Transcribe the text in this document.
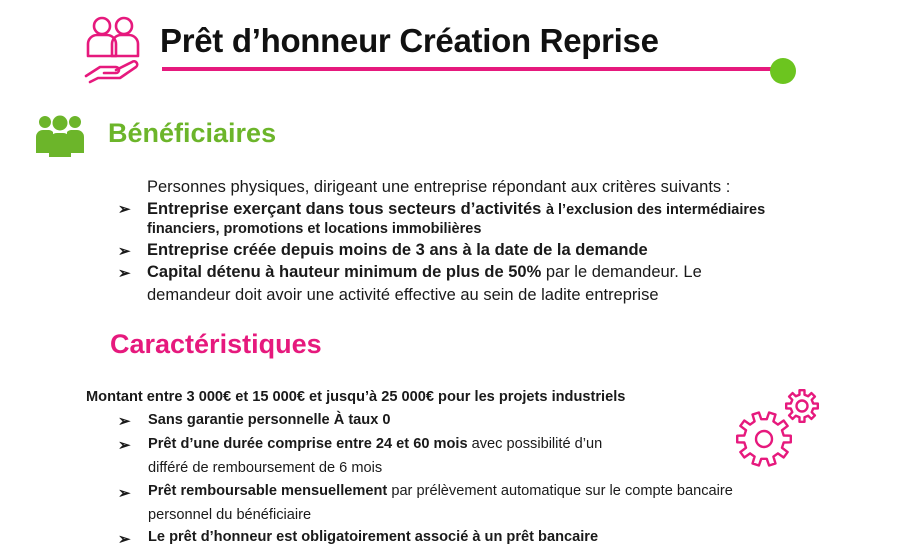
Prêt d’honneur Création Reprise
Bénéficiaires
Personnes physiques, dirigeant une entreprise répondant aux critères suivants :
➢ Entreprise exerçant dans tous secteurs d’activités à l’exclusion des intermédiaires
financiers, promotions et locations immobilières
➢ Entreprise créée depuis moins de 3 ans à la date de la demande
➢ Capital détenu à hauteur minimum de plus de 50% par le demandeur. Le
demandeur doit avoir une activité effective au sein de ladite entreprise
Caractéristiques
Montant entre 3 000€ et 15 000€ et jusqu’à 25 000€ pour les projets industriels
➢ Sans garantie personnelle À taux 0
➢ Prêt d’une durée comprise entre 24 et 60 mois avec possibilité d’un
différé de remboursement de 6 mois
➢ Prêt remboursable mensuellement par prélèvement automatique sur le compte bancaire
personnel du bénéficiaire
➢ Le prêt d’honneur est obligatoirement associé à un prêt bancaire
